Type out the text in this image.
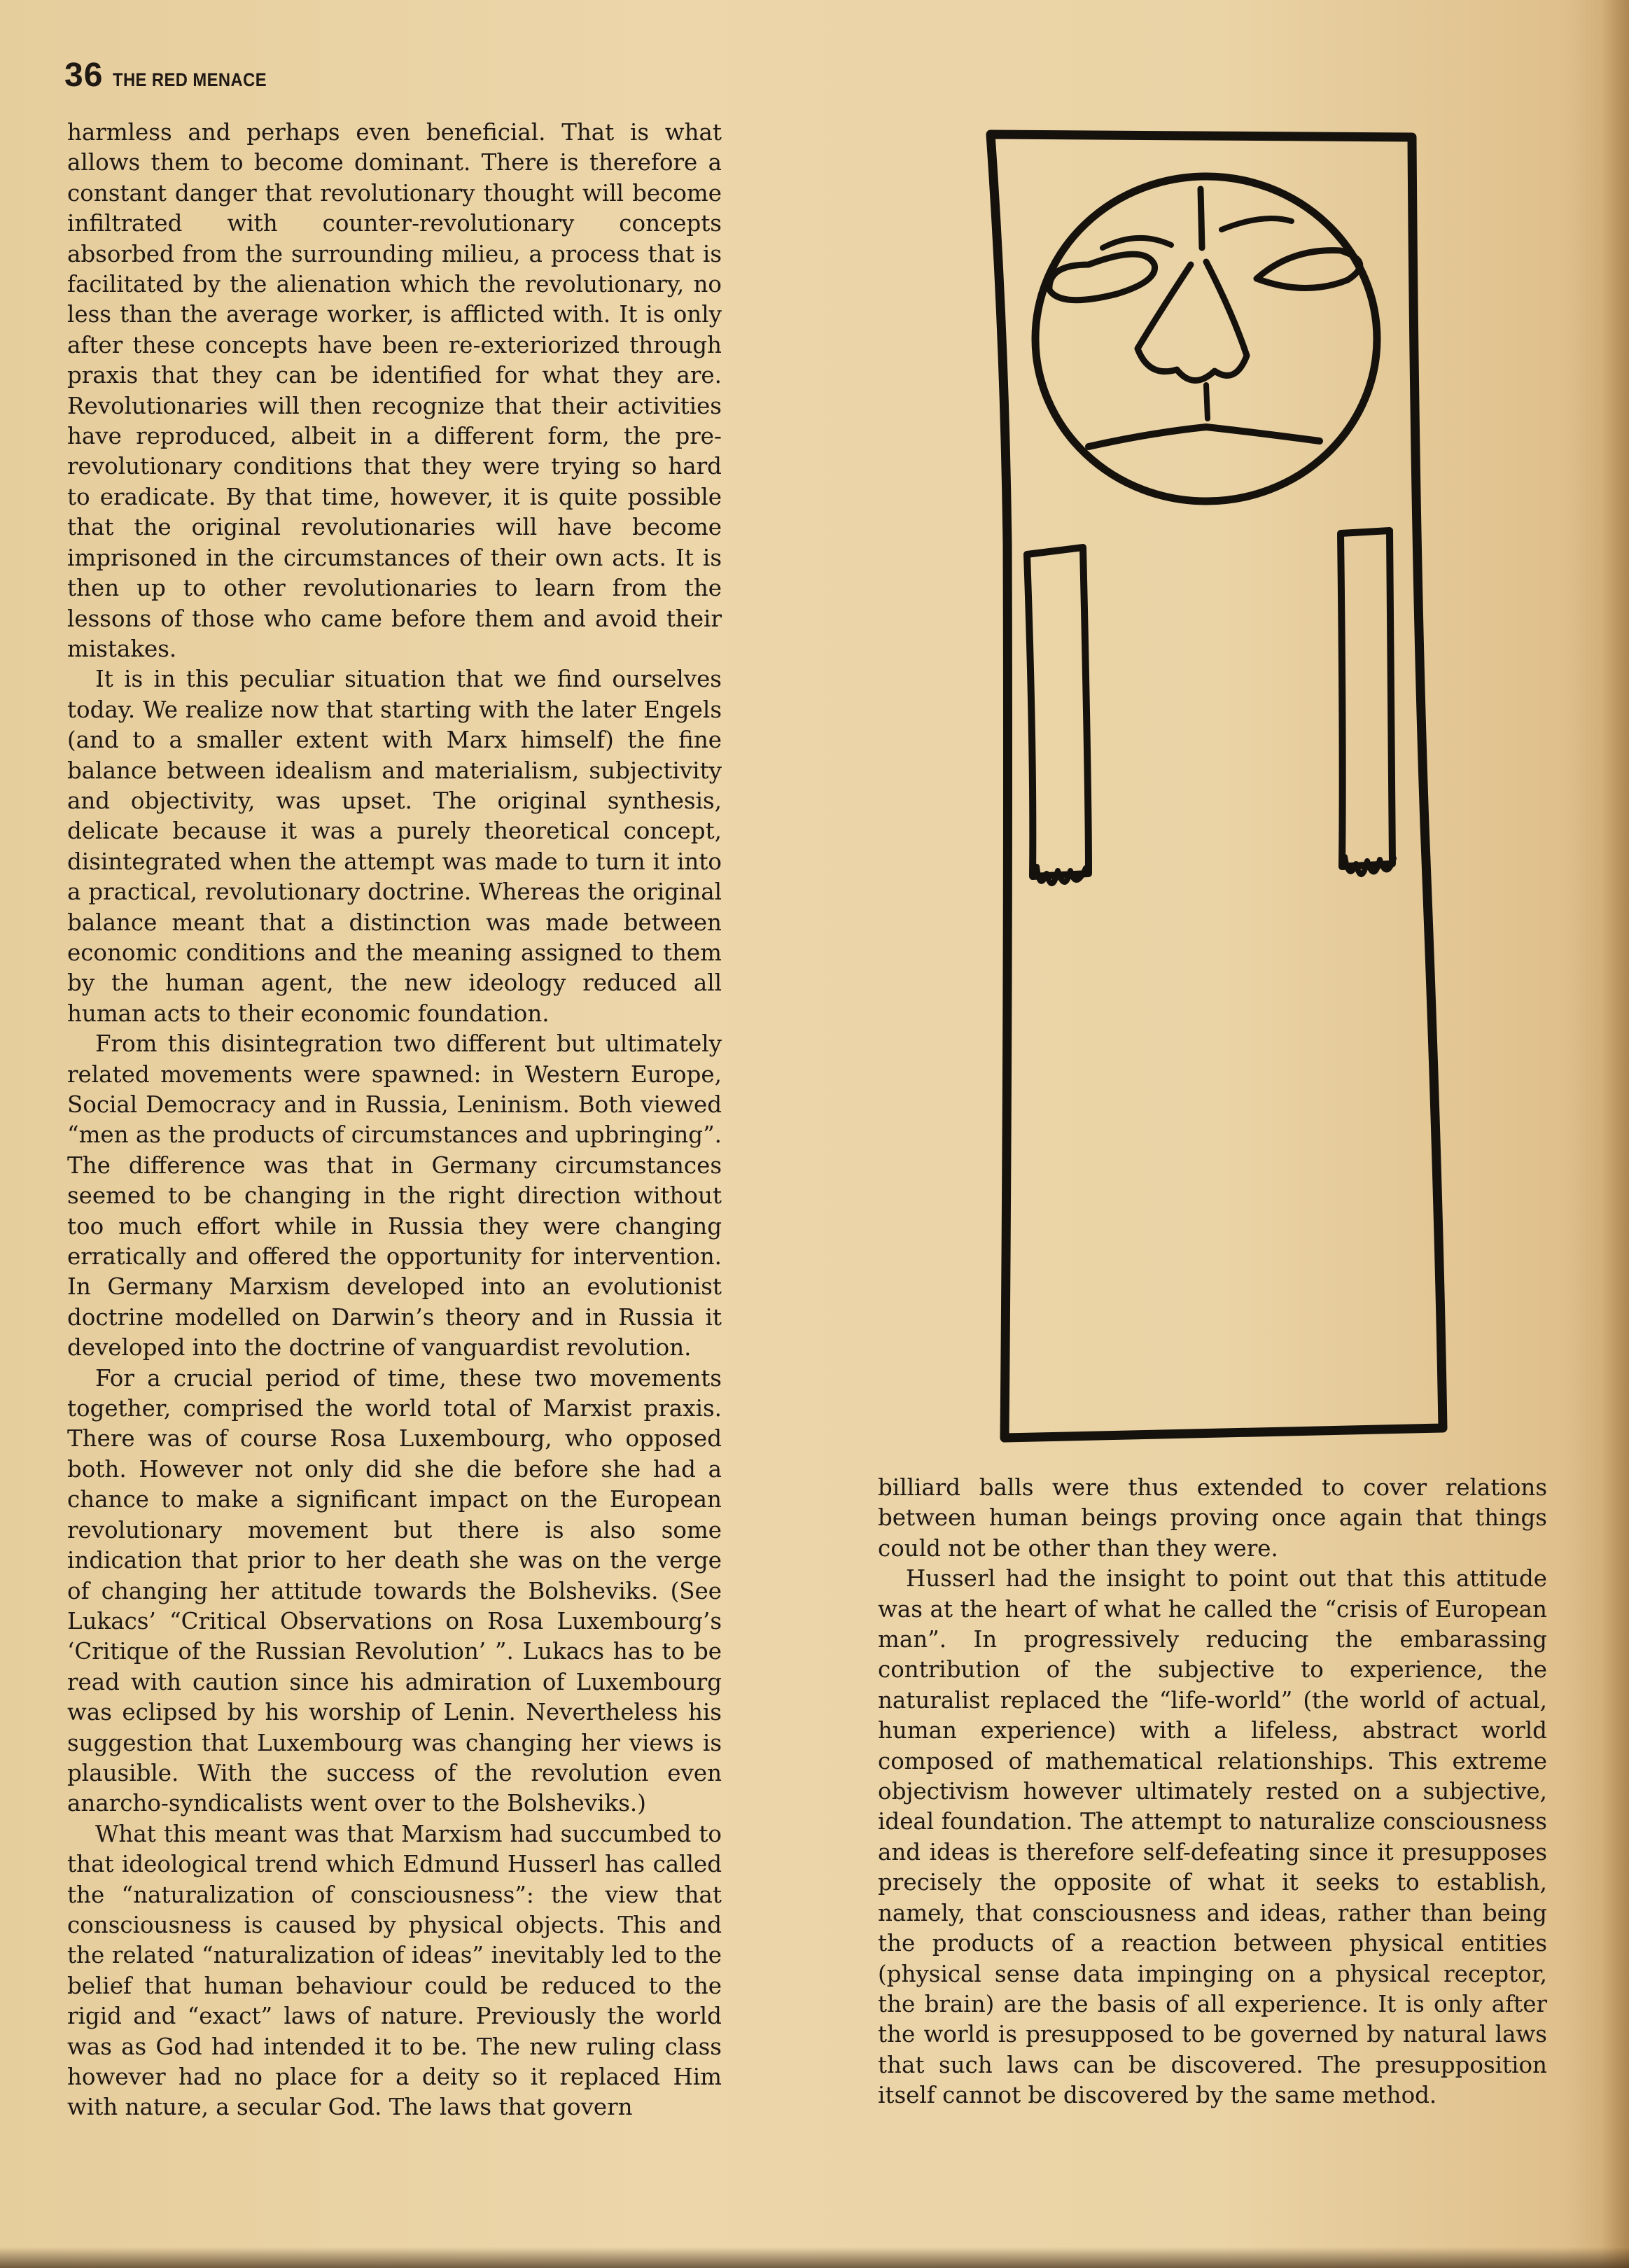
36 THE RED MENACE

harmless and perhaps even beneficial. That is what allows them to become dominant. There is therefore a constant danger that revolutionary thought will become infiltrated with counter-revolutionary concepts absorbed from the surrounding milieu, a process that is facilitated by the alienation which the revolutionary, no less than the average worker, is afflicted with. It is only after these concepts have been re-exteriorized through praxis that they can be identified for what they are. Revolutionaries will then recognize that their activities have reproduced, albeit in a different form, the pre-revolutionary conditions that they were trying so hard to eradicate. By that time, however, it is quite possible that the original revolutionaries will have become imprisoned in the circumstances of their own acts. It is then up to other revolutionaries to learn from the lessons of those who came before them and avoid their mistakes.

It is in this peculiar situation that we find ourselves today. We realize now that starting with the later Engels (and to a smaller extent with Marx himself) the fine balance between idealism and materialism, subjectivity and objectivity, was upset. The original synthesis, delicate because it was a purely theoretical concept, disintegrated when the attempt was made to turn it into a practical, revolutionary doctrine. Whereas the original balance meant that a distinction was made between economic conditions and the meaning assigned to them by the human agent, the new ideology reduced all human acts to their economic foundation.

From this disintegration two different but ultimately related movements were spawned: in Western Europe, Social Democracy and in Russia, Leninism. Both viewed “men as the products of circumstances and upbringing”. The difference was that in Germany circumstances seemed to be changing in the right direction without too much effort while in Russia they were changing erratically and offered the opportunity for intervention. In Germany Marxism developed into an evolutionist doctrine modelled on Darwin’s theory and in Russia it developed into the doctrine of vanguardist revolution.

For a crucial period of time, these two movements together, comprised the world total of Marxist praxis. There was of course Rosa Luxembourg, who opposed both. However not only did she die before she had a chance to make a significant impact on the European revolutionary movement but there is also some indication that prior to her death she was on the verge of changing her attitude towards the Bolsheviks. (See Lukacs’ “Critical Observations on Rosa Luxembourg’s ‘Critique of the Russian Revolution’ ”. Lukacs has to be read with caution since his admiration of Luxembourg was eclipsed by his worship of Lenin. Nevertheless his suggestion that Luxembourg was changing her views is plausible. With the success of the revolution even anarcho-syndicalists went over to the Bolsheviks.)

What this meant was that Marxism had succumbed to that ideological trend which Edmund Husserl has called the “naturalization of consciousness”: the view that consciousness is caused by physical objects. This and the related “naturalization of ideas” inevitably led to the belief that human behaviour could be reduced to the rigid and “exact” laws of nature. Previously the world was as God had intended it to be. The new ruling class however had no place for a deity so it replaced Him with nature, a secular God. The laws that govern

billiard balls were thus extended to cover relations between human beings proving once again that things could not be other than they were.

Husserl had the insight to point out that this attitude was at the heart of what he called the “crisis of European man”. In progressively reducing the embarassing contribution of the subjective to experience, the naturalist replaced the “life-world” (the world of actual, human experience) with a lifeless, abstract world composed of mathematical relationships. This extreme objectivism however ultimately rested on a subjective, ideal foundation. The attempt to naturalize consciousness and ideas is therefore self-defeating since it presupposes precisely the opposite of what it seeks to establish, namely, that consciousness and ideas, rather than being the products of a reaction between physical entities (physical sense data impinging on a physical receptor, the brain) are the basis of all experience. It is only after the world is presupposed to be governed by natural laws that such laws can be discovered. The presupposition itself cannot be discovered by the same method.
